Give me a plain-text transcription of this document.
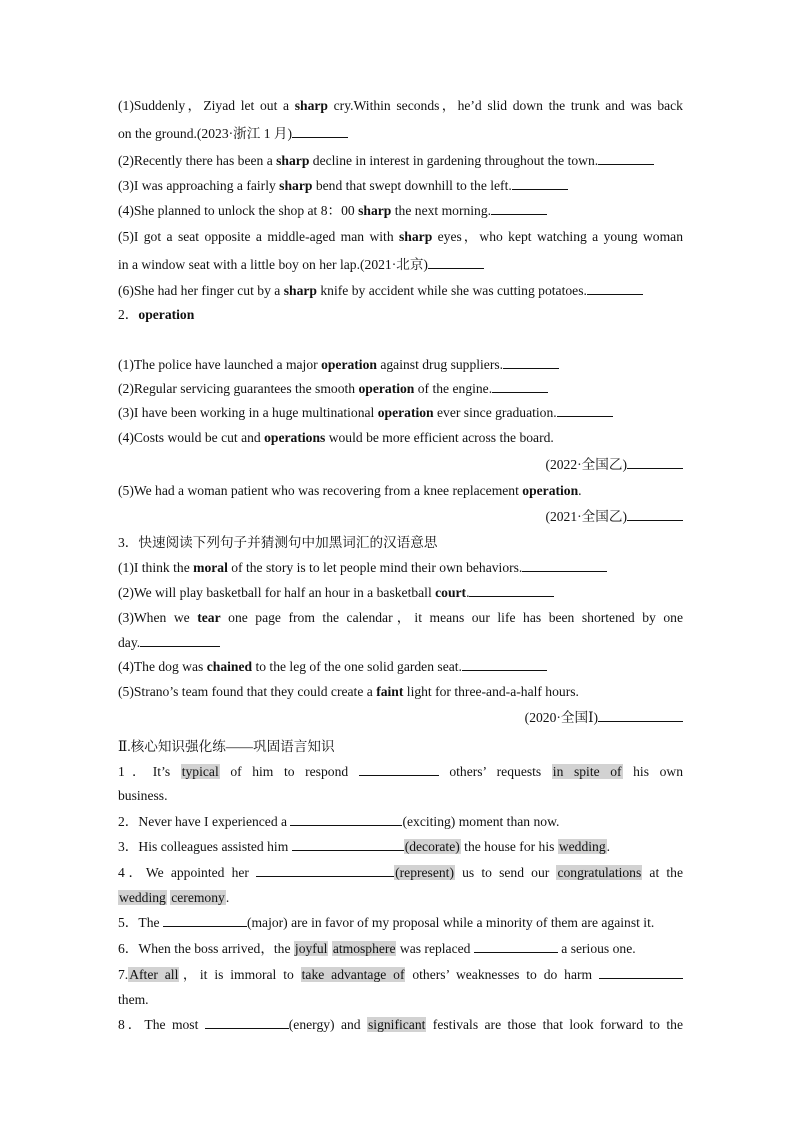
(1)Suddenly，Ziyad let out a sharp cry.Within seconds，he’d slid down the trunk and was back
on the ground.(2023·浙江 1 月)
(2)Recently there has been a sharp decline in interest in gardening throughout the town.
(3)I was approaching a fairly sharp bend that swept downhill to the left.
(4)She planned to unlock the shop at 8：00 sharp the next morning.
(5)I got a seat opposite a middle-aged man with sharp eyes，who kept watching a young woman
in a window seat with a little boy on her lap.(2021·北京)
(6)She had her finger cut by a sharp knife by accident while she was cutting potatoes.
2．operation
(1)The police have launched a major operation against drug suppliers.
(2)Regular servicing guarantees the smooth operation of the engine.
(3)I have been working in a huge multinational operation ever since graduation.
(4)Costs would be cut and operations would be more efficient across the board.
(2022·全国乙)
(5)We had a woman patient who was recovering from a knee replacement operation.
(2021·全国乙)
3．快速阅读下列句子并猜测句中加黑词汇的汉语意思
(1)I think the moral of the story is to let people mind their own behaviors.
(2)We will play basketball for half an hour in a basketball court.
(3)When we tear one page from the calendar，it means our life has been shortened by one
day.
(4)The dog was chained to the leg of the one solid garden seat.
(5)Strano’s team found that they could create a faint light for three-and-a-half hours.
(2020·全国Ⅰ)
Ⅱ.核心知识强化练——巩固语言知识
1．It’s typical of him to respond	others’ requests in spite of his own
business.
2．Never have I experienced a	(exciting) moment than now.
3．His colleagues assisted him	(decorate) the house for his wedding.
4．We appointed her	(represent) us to send our congratulations at the
wedding ceremony.
5．The	(major) are in favor of my proposal while a minority of them are against it.
6．When the boss arrived，the joyful atmosphere was replaced	a serious one.
7.After all，it is immoral to take advantage of others’ weaknesses to do harm
them.
8．The most	(energy) and significant festivals are those that look forward to the
